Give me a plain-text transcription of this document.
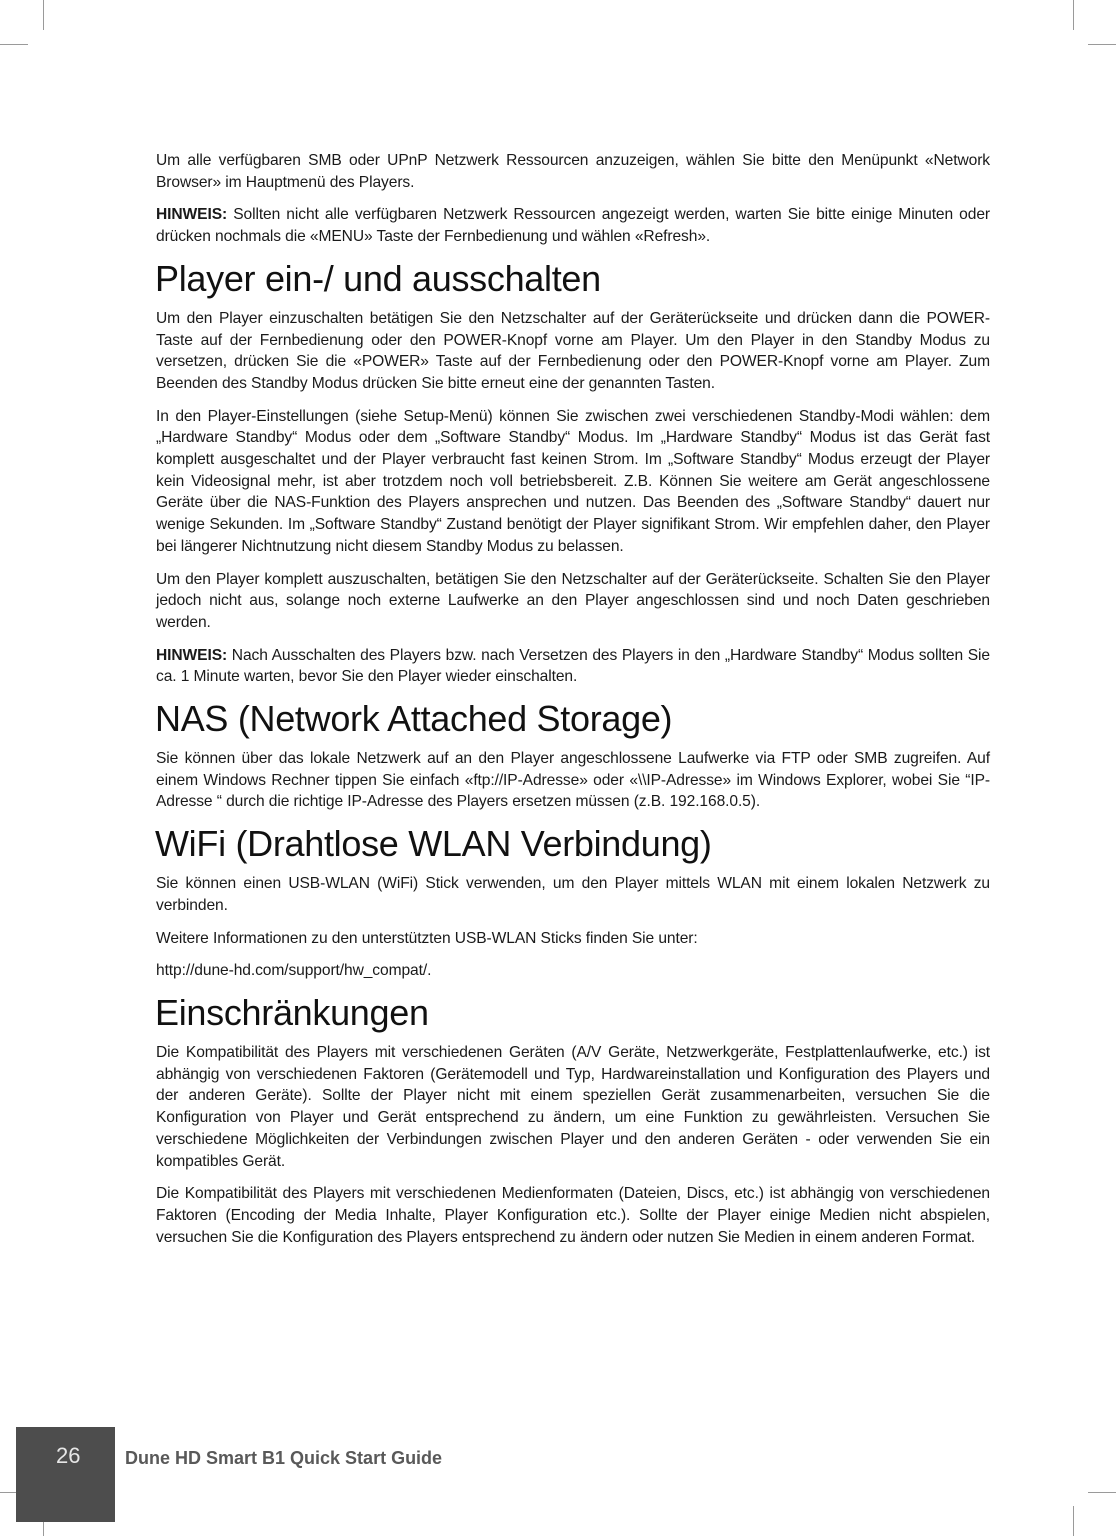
Um alle verfügbaren SMB oder UPnP Netzwerk Ressourcen anzuzeigen, wählen Sie bitte den Menüpunkt «Network Browser» im Hauptmenü des Players.

HINWEIS: Sollten nicht alle verfügbaren Netzwerk Ressourcen angezeigt werden, warten Sie bitte einige Minuten oder drücken nochmals die «MENU» Taste der Fernbedienung und wählen «Refresh».

Player ein-/ und ausschalten

Um den Player einzuschalten betätigen Sie den Netzschalter auf der Geräterückseite und drücken dann die POWER-Taste auf der Fernbedienung oder den POWER-Knopf vorne am Player. Um den Player in den Standby Modus zu versetzen, drücken Sie die «POWER» Taste auf der Fernbedienung oder den POWER-Knopf vorne am Player. Zum Beenden des Standby Modus drücken Sie bitte erneut eine der genannten Tasten.

In den Player-Einstellungen (siehe Setup-Menü) können Sie zwischen zwei verschiedenen Standby-Modi wählen: dem „Hardware Standby“ Modus oder dem „Software Standby“ Modus. Im „Hardware Standby“ Modus ist das Gerät fast komplett ausgeschaltet und der Player verbraucht fast keinen Strom. Im „Software Standby“ Modus erzeugt der Player kein Videosignal mehr, ist aber trotzdem noch voll betriebsbereit. Z.B. Können Sie weitere am Gerät angeschlossene Geräte über die NAS-Funktion des Players ansprechen und nutzen. Das Beenden des „Software Standby“ dauert nur wenige Sekunden. Im „Software Standby“ Zustand benötigt der Player signifikant Strom. Wir empfehlen daher, den Player bei längerer Nichtnutzung nicht diesem Standby Modus zu belassen.

Um den Player komplett auszuschalten, betätigen Sie den Netzschalter auf der Geräterückseite. Schalten Sie den Player jedoch nicht aus, solange noch externe Laufwerke an den Player angeschlossen sind und noch Daten geschrieben werden.

HINWEIS: Nach Ausschalten des Players bzw. nach Versetzen des Players in den „Hardware Standby“ Modus sollten Sie ca. 1 Minute warten, bevor Sie den Player wieder einschalten.

NAS (Network Attached Storage)

Sie können über das lokale Netzwerk auf an den Player angeschlossene Laufwerke via FTP oder SMB zugreifen. Auf einem Windows Rechner tippen Sie einfach «ftp://IP-Adresse» oder «\\IP-Adresse» im Windows Explorer, wobei Sie “IP-Adresse “ durch die richtige IP-Adresse des Players ersetzen müssen (z.B. 192.168.0.5).

WiFi (Drahtlose WLAN Verbindung)

Sie können einen USB-WLAN (WiFi) Stick verwenden, um den Player mittels WLAN mit einem lokalen Netzwerk zu verbinden.

Weitere Informationen zu den unterstützten USB-WLAN Sticks finden Sie unter:

http://dune-hd.com/support/hw_compat/.

Einschränkungen

Die Kompatibilität des Players mit verschiedenen Geräten (A/V Geräte, Netzwerkgeräte, Festplattenlaufwerke, etc.) ist abhängig von verschiedenen Faktoren (Gerätemodell und Typ, Hardwareinstallation und Konfiguration des Players und der anderen Geräte). Sollte der Player nicht mit einem speziellen Gerät zusammenarbeiten, versuchen Sie die Konfiguration von Player und Gerät entsprechend zu ändern, um eine Funktion zu gewährleisten. Versuchen Sie verschiedene Möglichkeiten der Verbindungen zwischen Player und den anderen Geräten - oder verwenden Sie ein kompatibles Gerät.

Die Kompatibilität des Players mit verschiedenen Medienformaten (Dateien, Discs, etc.) ist abhängig von verschiedenen Faktoren (Encoding der Media Inhalte, Player Konfiguration etc.). Sollte der Player einige Medien nicht abspielen, versuchen Sie die Konfiguration des Players entsprechend zu ändern oder nutzen Sie Medien in einem anderen Format.

26 Dune HD Smart B1 Quick Start Guide
